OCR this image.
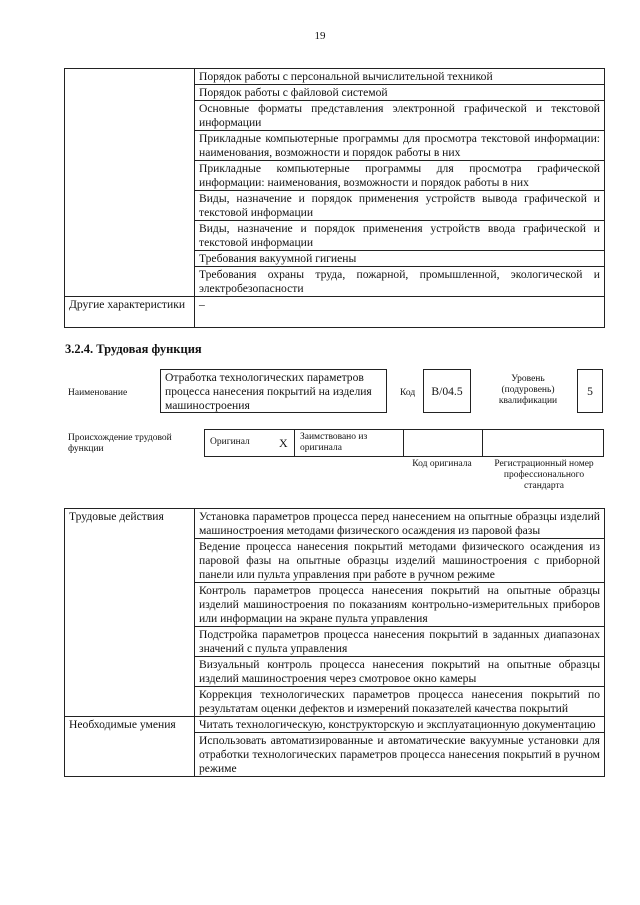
19
	Порядок работы с персональной вычислительной техникой
	Порядок работы с файловой системой
	Основные форматы представления электронной графической и текстовой информации
	Прикладные компьютерные программы для просмотра текстовой информации: наименования, возможности и порядок работы в них
	Прикладные компьютерные программы для просмотра графической информации: наименования, возможности и порядок работы в них
	Виды, назначение и порядок применения устройств вывода графической и текстовой информации
	Виды, назначение и порядок применения устройств ввода графической и текстовой информации
	Требования вакуумной гигиены
	Требования охраны труда, пожарной, промышленной, экологической и электробезопасности
Другие характеристики	–
3.2.4. Трудовая функция
Наименование
Отработка технологических параметров процесса нанесения покрытий на изделия машиностроения
Код	B/04.5
Уровень (подуровень) квалификации
5
Происхождение трудовой функции
Оригинал X Заимствовано из оригинала
Код оригинала	Регистрационный номер профессионального стандарта
Трудовые действия	Установка параметров процесса перед нанесением на опытные образцы изделий машиностроения методами физического осаждения из паровой фазы
	Ведение процесса нанесения покрытий методами физического осаждения из паровой фазы на опытные образцы изделий машиностроения с приборной панели или пульта управления при работе в ручном режиме
	Контроль параметров процесса нанесения покрытий на опытные образцы изделий машиностроения по показаниям контрольно-измерительных приборов или информации на экране пульта управления
	Подстройка параметров процесса нанесения покрытий в заданных диапазонах значений с пульта управления
	Визуальный контроль процесса нанесения покрытий на опытные образцы изделий машиностроения через смотровое окно камеры
	Коррекция технологических параметров процесса нанесения покрытий по результатам оценки дефектов и измерений показателей качества покрытий
Необходимые умения	Читать технологическую, конструкторскую и эксплуатационную документацию
	Использовать автоматизированные и автоматические вакуумные установки для отработки технологических параметров процесса нанесения покрытий в ручном режиме
